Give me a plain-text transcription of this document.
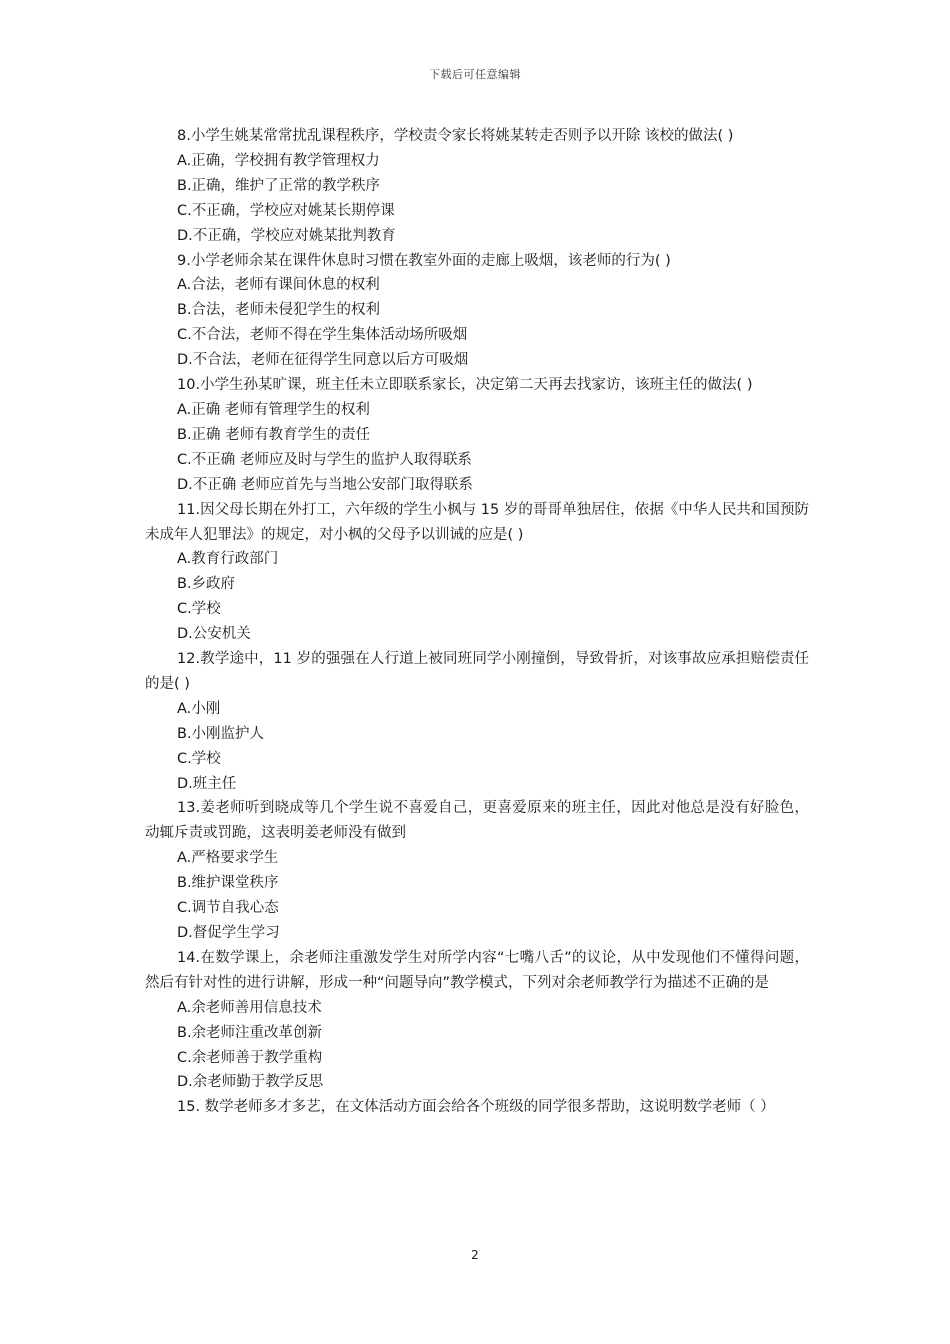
下载后可任意编辑

8.小学生姚某常常扰乱课程秩序，学校责令家长将姚某转走否则予以开除 该校的做法( )

A.正确，学校拥有教学管理权力

B.正确，维护了正常的教学秩序

C.不正确，学校应对姚某长期停课

D.不正确，学校应对姚某批判教育

9.小学老师余某在课件休息时习惯在教室外面的走廊上吸烟，该老师的行为( )

A.合法，老师有课间休息的权利

B.合法，老师未侵犯学生的权利

C.不合法，老师不得在学生集体活动场所吸烟

D.不合法，老师在征得学生同意以后方可吸烟

10.小学生孙某旷课，班主任未立即联系家长，决定第二天再去找家访，该班主任的做法( )

A.正确 老师有管理学生的权利

B.正确 老师有教育学生的责任

C.不正确 老师应及时与学生的监护人取得联系

D.不正确 老师应首先与当地公安部门取得联系

11.因父母长期在外打工，六年级的学生小枫与 15 岁的哥哥单独居住，依据《中华人民共和国预防未成年人犯罪法》的规定，对小枫的父母予以训诫的应是( )

A.教育行政部门

B.乡政府

C.学校

D.公安机关

12.教学途中，11 岁的强强在人行道上被同班同学小刚撞倒，导致骨折，对该事故应承担赔偿责任的是( )

A.小刚

B.小刚监护人

C.学校

D.班主任

13.姜老师听到晓成等几个学生说不喜爱自己，更喜爱原来的班主任，因此对他总是没有好脸色，动辄斥责或罚跪，这表明姜老师没有做到

A.严格要求学生

B.维护课堂秩序

C.调节自我心态

D.督促学生学习

14.在数学课上，余老师注重激发学生对所学内容“七嘴八舌”的议论，从中发现他们不懂得问题，然后有针对性的进行讲解，形成一种“问题导向”教学模式，下列对余老师教学行为描述不正确的是

A.余老师善用信息技术

B.余老师注重改革创新

C.余老师善于教学重构

D.余老师勤于教学反思

15. 数学老师多才多艺，在文体活动方面会给各个班级的同学很多帮助，这说明数学老师（ ）

2
